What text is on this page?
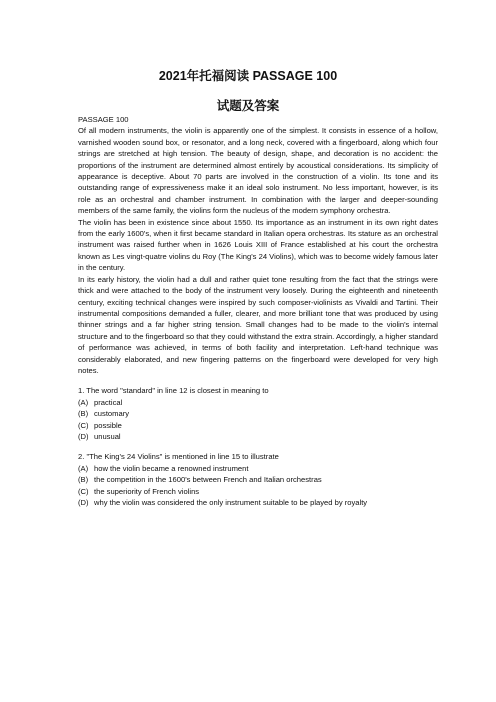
2021年托福阅读 PASSAGE 100
试题及答案

PASSAGE 100

Of all modern instruments, the violin is apparently one of the simplest. It consists in essence of a hollow, varnished wooden sound box, or resonator, and a long neck, covered with a fingerboard, along which four strings are stretched at high tension. The beauty of design, shape, and decoration is no accident: the proportions of the instrument are determined almost entirely by acoustical considerations. Its simplicity of appearance is deceptive. About 70 parts are involved in the construction of a violin. Its tone and its outstanding range of expressiveness make it an ideal solo instrument. No less important, however, is its role as an orchestral and chamber instrument. In combination with the larger and deeper-sounding members of the same family, the violins form the nucleus of the modern symphony orchestra.

The violin has been in existence since about 1550. Its importance as an instrument in its own right dates from the early 1600's, when it first became standard in Italian opera orchestras. Its stature as an orchestral instrument was raised further when in 1626 Louis XIII of France established at his court the orchestra known as Les vingt-quatre violins du Roy (The King's 24 Violins), which was to become widely famous later in the century.

In its early history, the violin had a dull and rather quiet tone resulting from the fact that the strings were thick and were attached to the body of the instrument very loosely. During the eighteenth and nineteenth century, exciting technical changes were inspired by such composer-violinists as Vivaldi and Tartini. Their instrumental compositions demanded a fuller, clearer, and more brilliant tone that was produced by using thinner strings and a far higher string tension. Small changes had to be made to the violin's internal structure and to the fingerboard so that they could withstand the extra strain. Accordingly, a higher standard of performance was achieved, in terms of both facility and interpretation. Left-hand technique was considerably elaborated, and new fingering patterns on the fingerboard were developed for very high notes.

1. The word "standard" in line 12 is closest in meaning to

(A) practical
(B) customary
(C) possible
(D) unusual

2. "The King's 24 Violins" is mentioned in line 15 to illustrate

(A) how the violin became a renowned instrument
(B) the competition in the 1600's between French and Italian orchestras
(C) the superiority of French violins
(D) why the violin was considered the only instrument suitable to be played by royalty
